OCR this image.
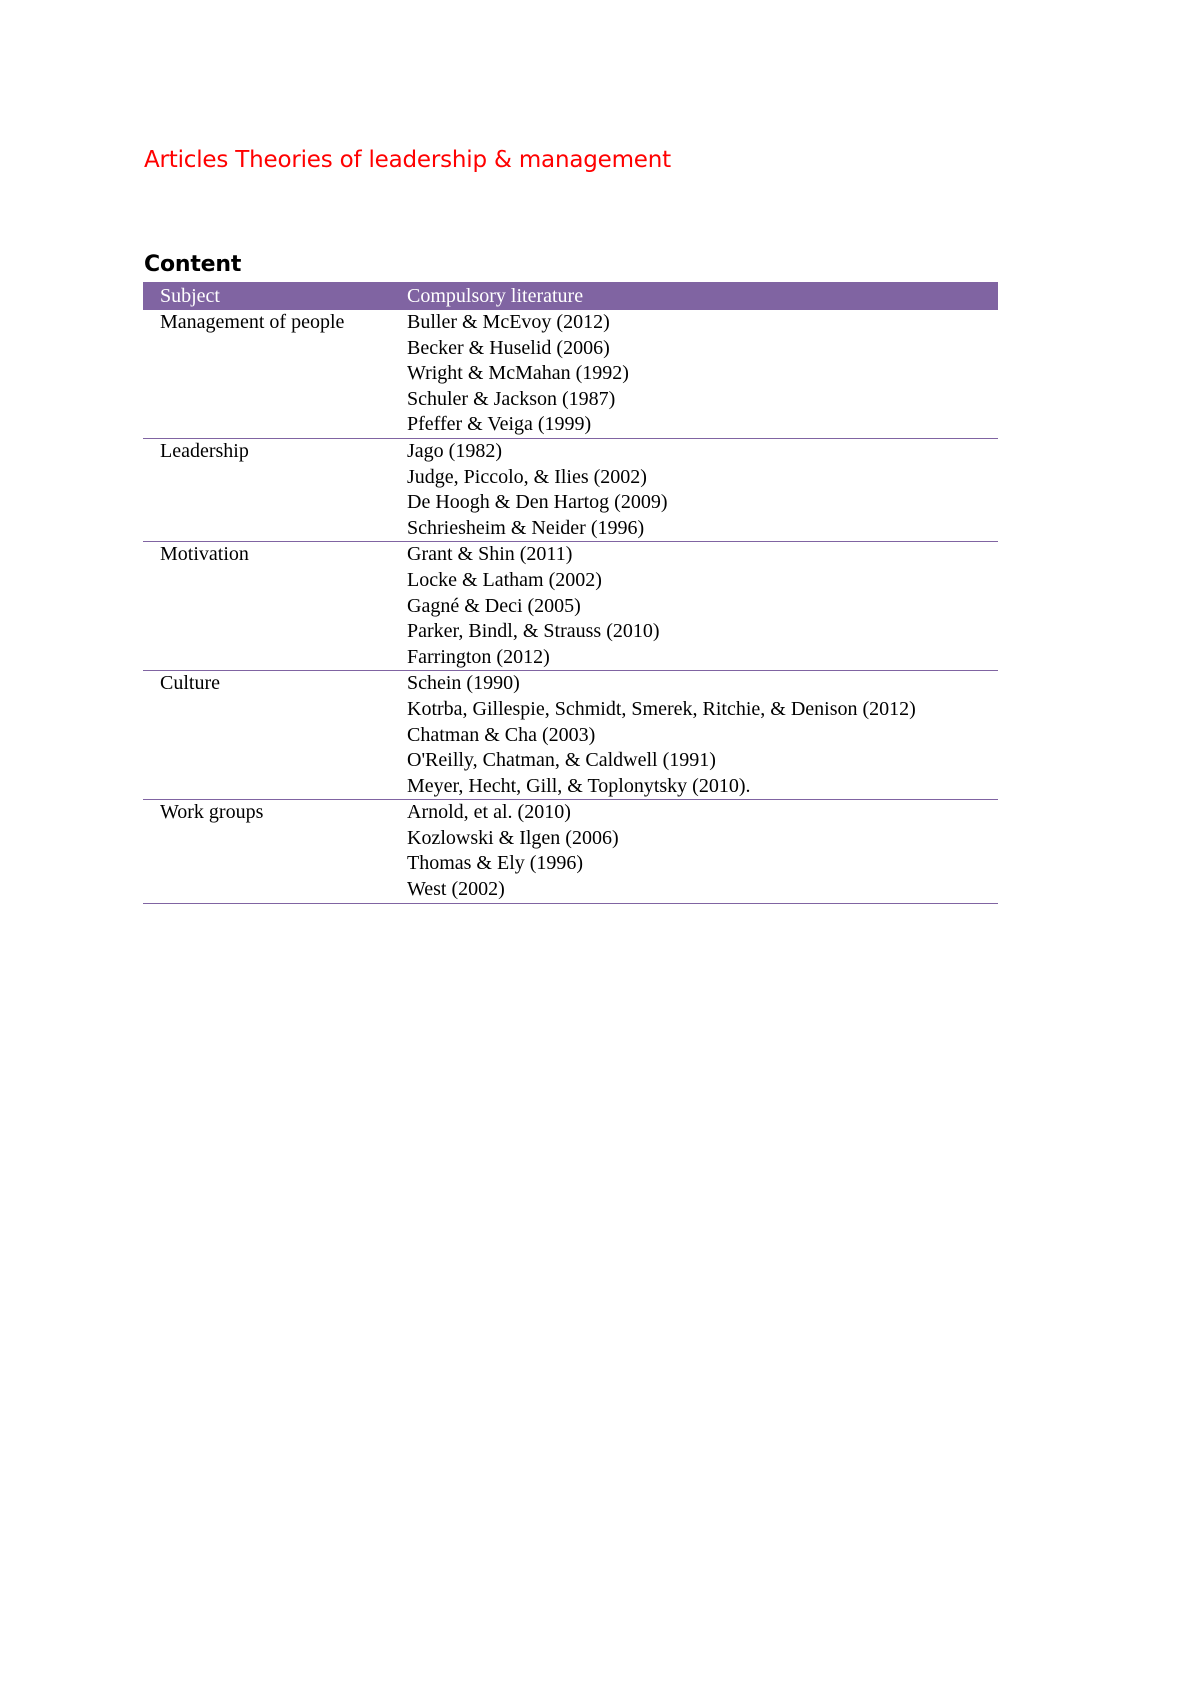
Articles Theories of leadership & management
Content
Subject	Compulsory literature
Management of people	Buller & McEvoy (2012)
Becker & Huselid (2006)
Wright & McMahan (1992)
Schuler & Jackson (1987)
Pfeffer & Veiga (1999)

Leadership	Jago (1982)
Judge, Piccolo, & Ilies (2002)
De Hoogh & Den Hartog (2009)
Schriesheim & Neider (1996)

Motivation	Grant & Shin (2011)
Locke & Latham (2002)
Gagné & Deci (2005)
Parker, Bindl, & Strauss (2010)
Farrington (2012)

Culture	Schein (1990)
Kotrba, Gillespie, Schmidt, Smerek, Ritchie, & Denison (2012)
Chatman & Cha (2003)
O'Reilly, Chatman, & Caldwell (1991)
Meyer, Hecht, Gill, & Toplonytsky (2010).

Work groups	Arnold, et al. (2010)
Kozlowski & Ilgen (2006)
Thomas & Ely (1996)
West (2002)
